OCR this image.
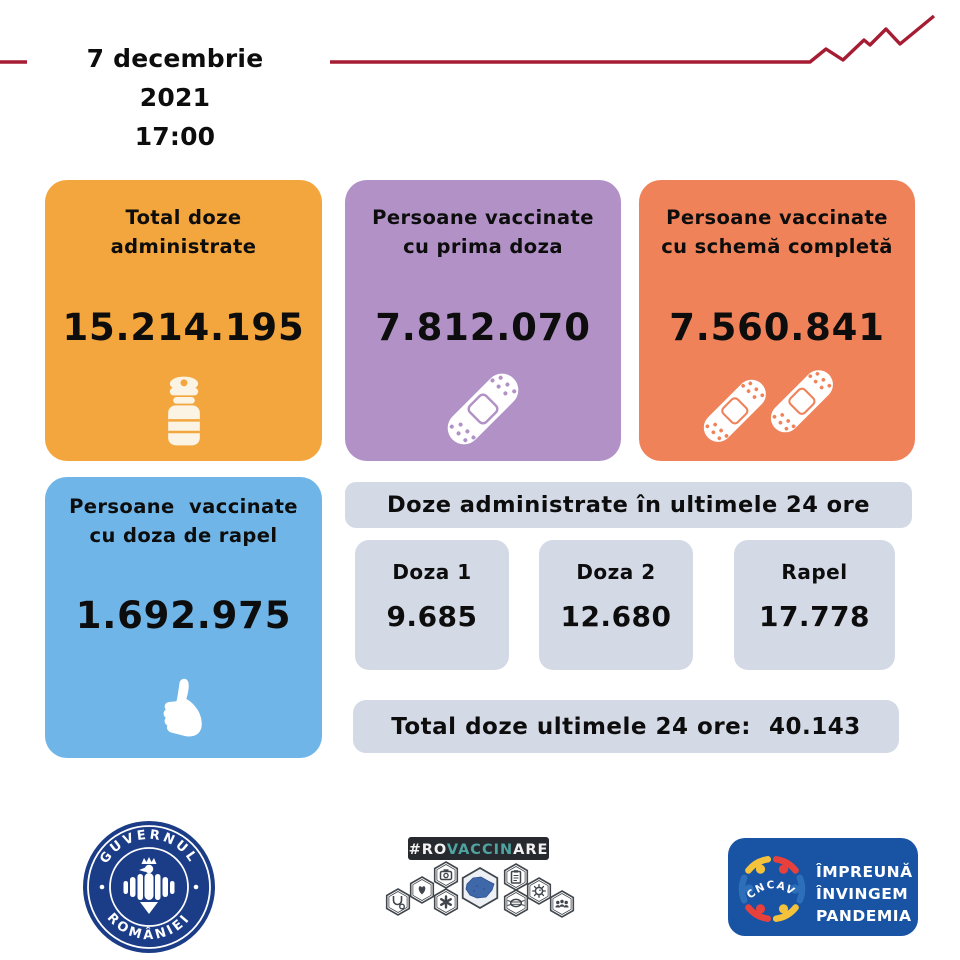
7 decembrie 2021
17:00
Total doze
administrate
15.214.195
Persoane vaccinate
cu prima doza
7.812.070
Persoane vaccinate
cu schemă completă
7.560.841
Persoane  vaccinate
cu doza de rapel
1.692.975
Doze administrate în ultimele 24 ore
Doza 1
9.685
Doza 2
12.680
Rapel
17.778
Total doze ultimele 24 ore: 40.143
GUVERNUL
ROMÂNIEI
#ROVACCINARE
CNCAV
ÎMPREUNĂ
ÎNVINGEM
PANDEMIA
